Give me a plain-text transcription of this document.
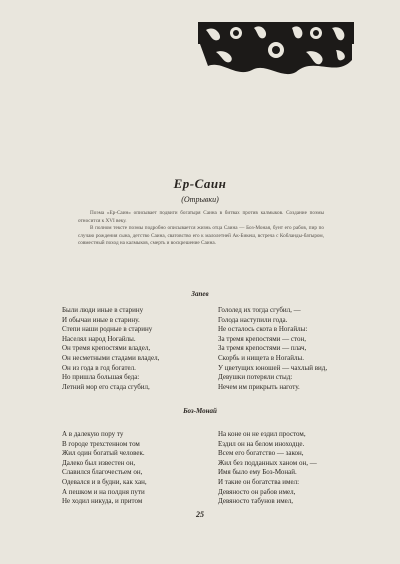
Ер-Саин
(Отрывки)

Поэма «Ер-Саин» описывает подвиги богатыря Саина в битвах против калмыков. Создание поэмы относится к XVI веку.

В полном тексте поэмы подробно описывается жизнь отца Саина — Боз-Моная, бунт его рабов, пир по случаю рождения сына, детство Саина, сватовство его к малолетней Ак-Бикеш, встреча с Кобланды-батыром, совместный поход на калмыков, смерть и воскрешение Саина.

Запев
Были люди иные в старину
И обычаи иные в старину.
Степи наши родные в старину
Населял народ Ногайлы.
Он тремя крепостями владел,
Он несметными стадами владел,
Он из года в год богател.
Но пришла большая беда:
Летний мор его стада сгубил,
Гололед их тогда сгубил, —
Голода наступили года.
Не осталось скота в Ногайлы:
За тремя крепостями — стон,
За тремя крепостями — плач,
Скорбь и нищета в Ногайлы.
У цветущих юношей — чахлый вид,
Девушки потеряли стыд:
Нечем им прикрыть наготу.
Боз-Монай
А в далекую пору ту
В городе трехстенном том
Жил один богатый человек.
Далеко был известен он,
Славился благочестьем он,
Одевался и в будни, как хан,
А пешком и на полдня пути
Не ходил никуда, и притом
На коне он не ездил простом,
Ездил он на белом иноходце.
Всем его богатство — закон,
Жил без подданных ханом он, —
Имя было ему Боз-Монай.
И такие он богатства имел:
Девяносто он рабов имел,
Девяносто табунов имел,
25
